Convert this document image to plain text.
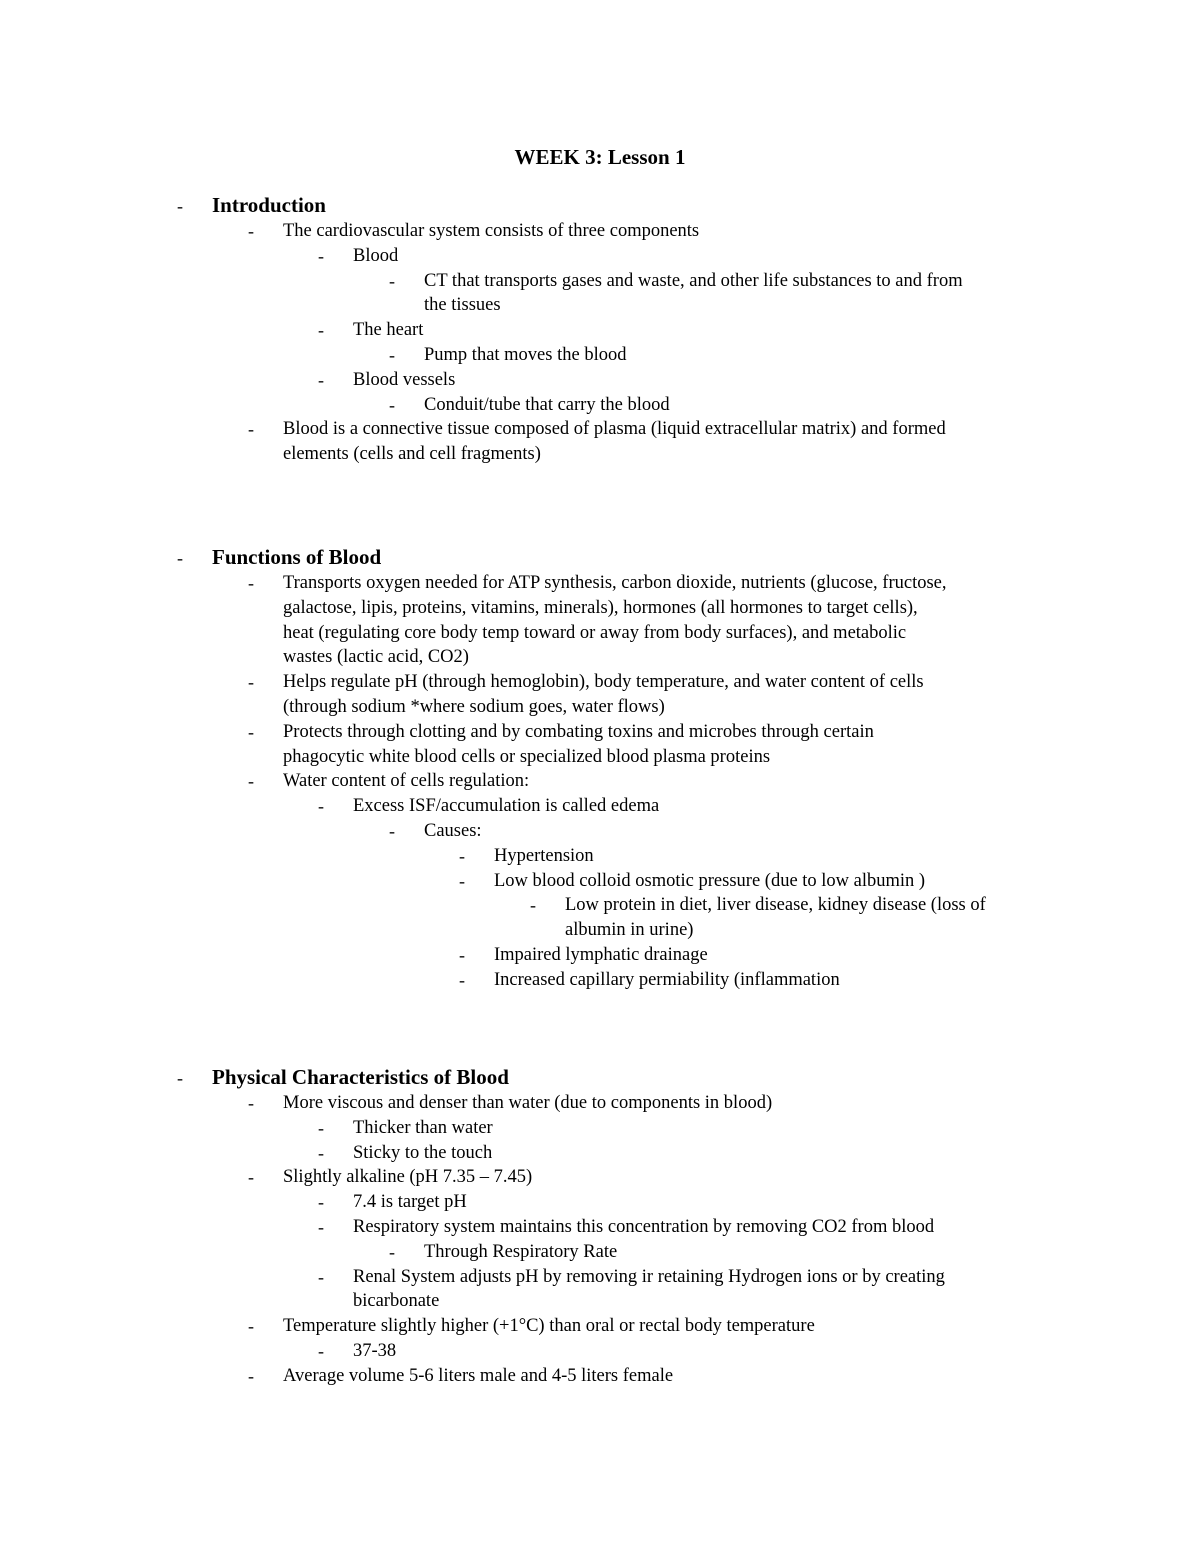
WEEK 3: Lesson 1
- Introduction
- The cardiovascular system consists of three components
- Blood
- CT that transports gases and waste, and other life substances to and from
the tissues
- The heart
- Pump that moves the blood
- Blood vessels
- Conduit/tube that carry the blood
- Blood is a connective tissue composed of plasma (liquid extracellular matrix) and formed
elements (cells and cell fragments)
- Functions of Blood
- Transports oxygen needed for ATP synthesis, carbon dioxide, nutrients (glucose, fructose,
galactose, lipis, proteins, vitamins, minerals), hormones (all hormones to target cells),
heat (regulating core body temp toward or away from body surfaces), and metabolic
wastes (lactic acid, CO2)
- Helps regulate pH (through hemoglobin), body temperature, and water content of cells
(through sodium *where sodium goes, water flows)
- Protects through clotting and by combating toxins and microbes through certain
phagocytic white blood cells or specialized blood plasma proteins
- Water content of cells regulation:
- Excess ISF/accumulation is called edema
- Causes:
- Hypertension
- Low blood colloid osmotic pressure (due to low albumin )
- Low protein in diet, liver disease, kidney disease (loss of
albumin in urine)
- Impaired lymphatic drainage
- Increased capillary permiability (inflammation
- Physical Characteristics of Blood
- More viscous and denser than water (due to components in blood)
- Thicker than water
- Sticky to the touch
- Slightly alkaline (pH 7.35 – 7.45)
- 7.4 is target pH
- Respiratory system maintains this concentration by removing CO2 from blood
- Through Respiratory Rate
- Renal System adjusts pH by removing ir retaining Hydrogen ions or by creating
bicarbonate
- Temperature slightly higher (+1°C) than oral or rectal body temperature
- 37-38
- Average volume 5-6 liters male and 4-5 liters female
